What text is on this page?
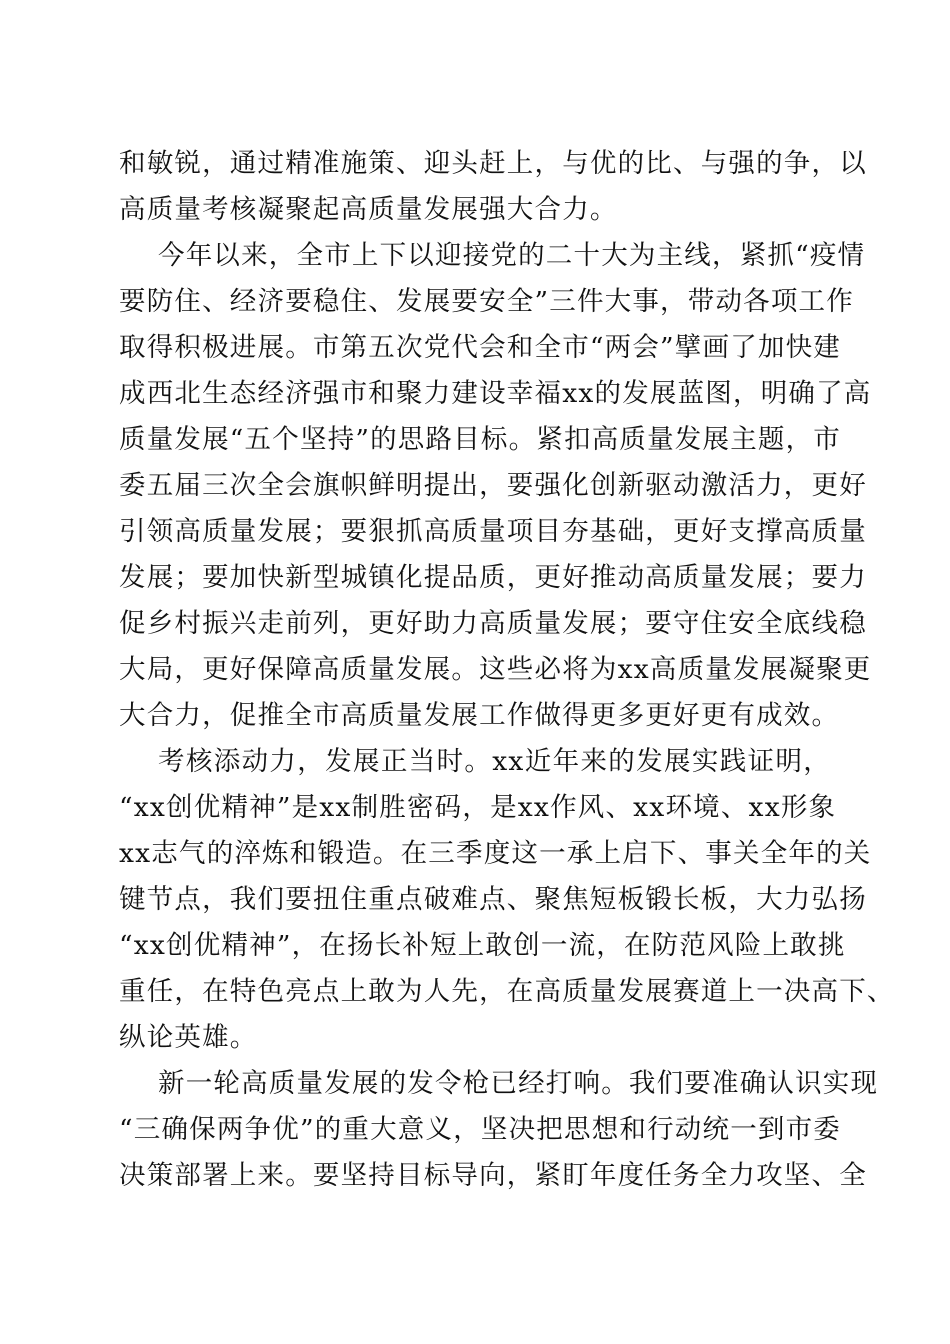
和敏锐，通过精准施策、迎头赶上，与优的比、与强的争，以
高质量考核凝聚起高质量发展强大合力。
今年以来，全市上下以迎接党的二十大为主线，紧抓“疫情
要防住、经济要稳住、发展要安全”三件大事，带动各项工作
取得积极进展。市第五次党代会和全市“两会”擘画了加快建
成西北生态经济强市和聚力建设幸福xx的发展蓝图，明确了高
质量发展“五个坚持”的思路目标。紧扣高质量发展主题，市
委五届三次全会旗帜鲜明提出，要强化创新驱动激活力，更好
引领高质量发展；要狠抓高质量项目夯基础，更好支撑高质量
发展；要加快新型城镇化提品质，更好推动高质量发展；要力
促乡村振兴走前列，更好助力高质量发展；要守住安全底线稳
大局，更好保障高质量发展。这些必将为xx高质量发展凝聚更
大合力，促推全市高质量发展工作做得更多更好更有成效。
考核添动力，发展正当时。xx近年来的发展实践证明，
“xx创优精神”是xx制胜密码，是xx作风、xx环境、xx形象
xx志气的淬炼和锻造。在三季度这一承上启下、事关全年的关
键节点，我们要扭住重点破难点、聚焦短板锻长板，大力弘扬
“xx创优精神”，在扬长补短上敢创一流，在防范风险上敢挑
重任，在特色亮点上敢为人先，在高质量发展赛道上一决高下、
纵论英雄。
新一轮高质量发展的发令枪已经打响。我们要准确认识实现
“三确保两争优”的重大意义，坚决把思想和行动统一到市委
决策部署上来。要坚持目标导向，紧盯年度任务全力攻坚、全
